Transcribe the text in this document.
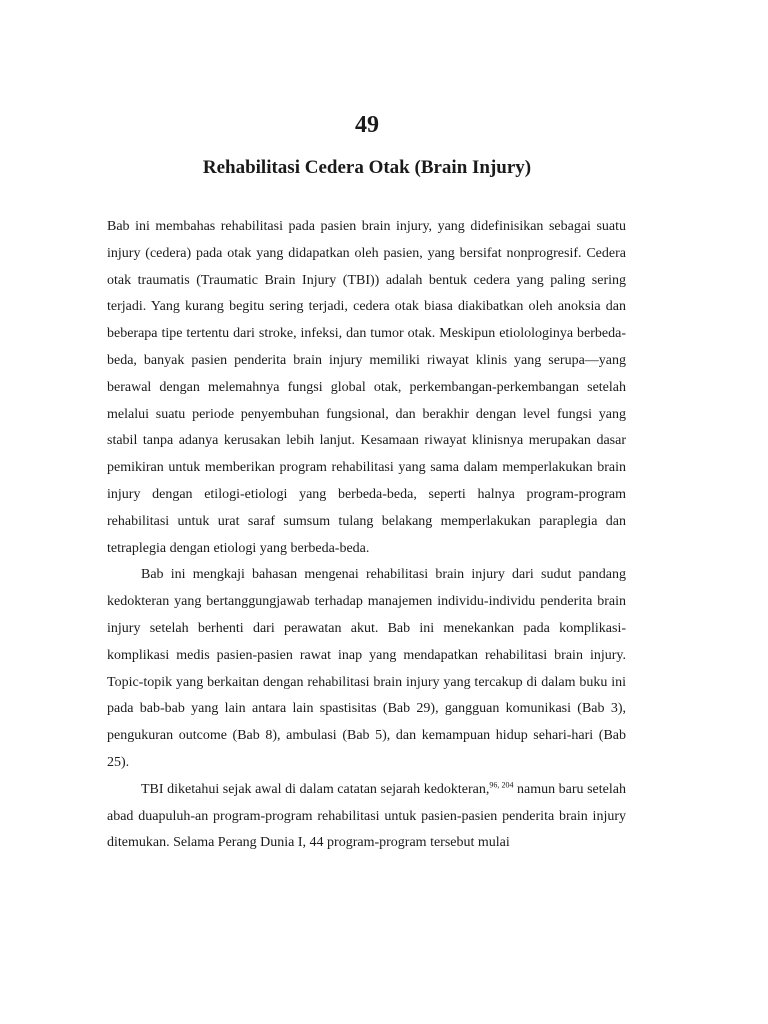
49
Rehabilitasi Cedera Otak (Brain Injury)

Bab ini membahas rehabilitasi pada pasien brain injury, yang didefinisikan sebagai suatu injury (cedera) pada otak yang didapatkan oleh pasien, yang bersifat nonprogresif. Cedera otak traumatis (Traumatic Brain Injury (TBI)) adalah bentuk cedera yang paling sering terjadi. Yang kurang begitu sering terjadi, cedera otak biasa diakibatkan oleh anoksia dan beberapa tipe tertentu dari stroke, infeksi, dan tumor otak. Meskipun etiolologinya berbeda-beda, banyak pasien penderita brain injury memiliki riwayat klinis yang serupa—yang berawal dengan melemahnya fungsi global otak, perkembangan-perkembangan setelah melalui suatu periode penyembuhan fungsional, dan berakhir dengan level fungsi yang stabil tanpa adanya kerusakan lebih lanjut. Kesamaan riwayat klinisnya merupakan dasar pemikiran untuk memberikan program rehabilitasi yang sama dalam memperlakukan brain injury dengan etilogi-etiologi yang berbeda-beda, seperti halnya program-program rehabilitasi untuk urat saraf sumsum tulang belakang memperlakukan paraplegia dan tetraplegia dengan etiologi yang berbeda-beda.

Bab ini mengkaji bahasan mengenai rehabilitasi brain injury dari sudut pandang kedokteran yang bertanggungjawab terhadap manajemen individu-individu penderita brain injury setelah berhenti dari perawatan akut. Bab ini menekankan pada komplikasi-komplikasi medis pasien-pasien rawat inap yang mendapatkan rehabilitasi brain injury. Topic-topik yang berkaitan dengan rehabilitasi brain injury yang tercakup di dalam buku ini pada bab-bab yang lain antara lain spastisitas (Bab 29), gangguan komunikasi (Bab 3), pengukuran outcome (Bab 8), ambulasi (Bab 5), dan kemampuan hidup sehari-hari (Bab 25).

TBI diketahui sejak awal di dalam catatan sejarah kedokteran,$^{96, 204}$ namun baru setelah abad duapuluh-an program-program rehabilitasi untuk pasien-pasien penderita brain injury ditemukan. Selama Perang Dunia I, 44 program-program tersebut mulai
